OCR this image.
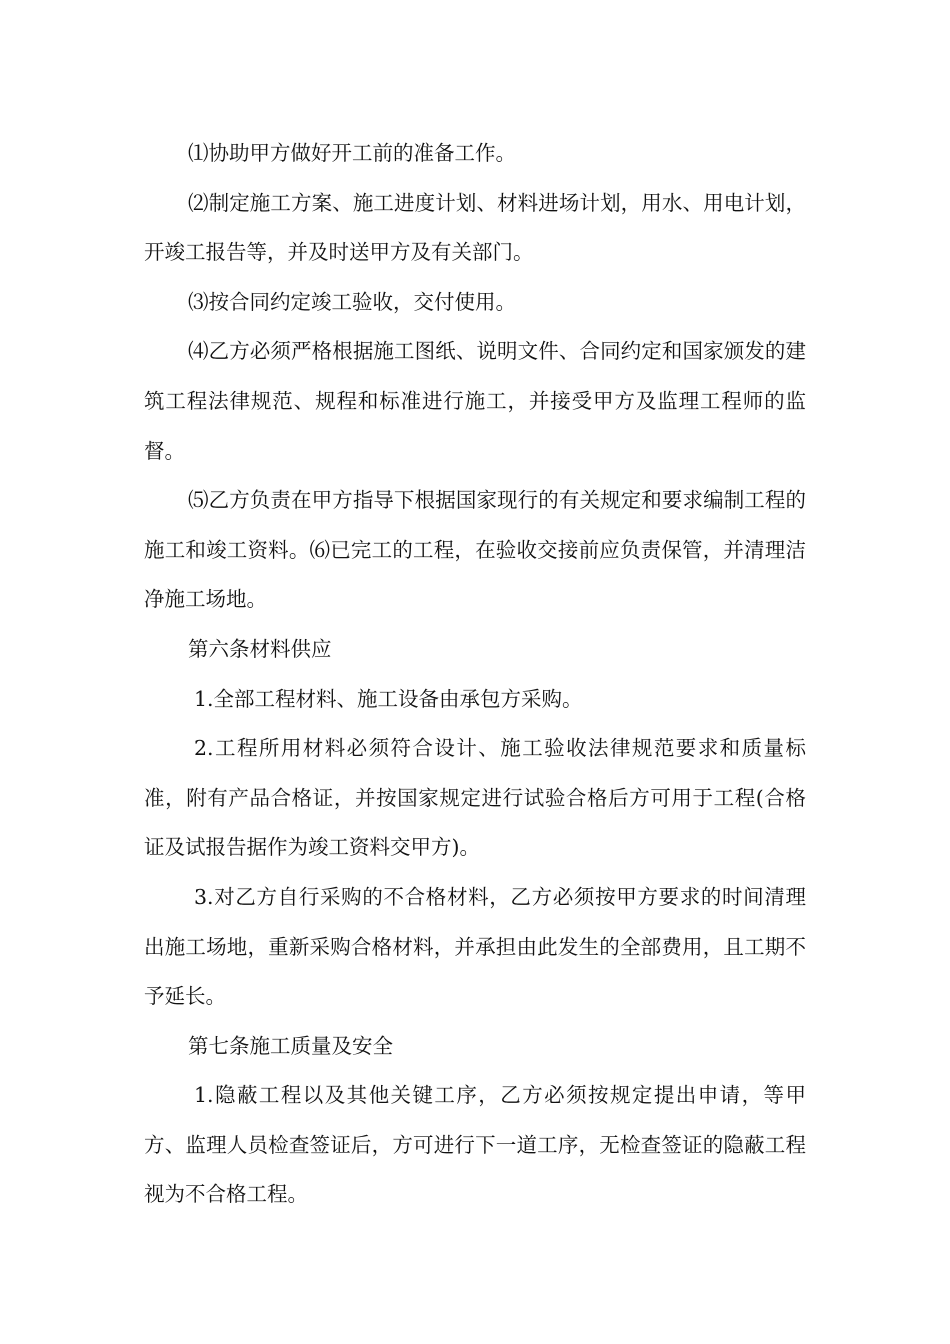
⑴协助甲方做好开工前的准备工作。

⑵制定施工方案、施工进度计划、材料进场计划，用水、用电计划，开竣工报告等，并及时送甲方及有关部门。

⑶按合同约定竣工验收，交付使用。

⑷乙方必须严格根据施工图纸、说明文件、合同约定和国家颁发的建筑工程法律规范、规程和标准进行施工，并接受甲方及监理工程师的监督。

⑸乙方负责在甲方指导下根据国家现行的有关规定和要求编制工程的施工和竣工资料。⑹已完工的工程，在验收交接前应负责保管，并清理洁净施工场地。

第六条材料供应

1.全部工程材料、施工设备由承包方采购。

2.工程所用材料必须符合设计、施工验收法律规范要求和质量标准，附有产品合格证，并按国家规定进行试验合格后方可用于工程(合格证及试报告据作为竣工资料交甲方)。

3.对乙方自行采购的不合格材料，乙方必须按甲方要求的时间清理出施工场地，重新采购合格材料，并承担由此发生的全部费用，且工期不予延长。

第七条施工质量及安全

1.隐蔽工程以及其他关键工序，乙方必须按规定提出申请，等甲方、监理人员检查签证后，方可进行下一道工序，无检查签证的隐蔽工程视为不合格工程。
